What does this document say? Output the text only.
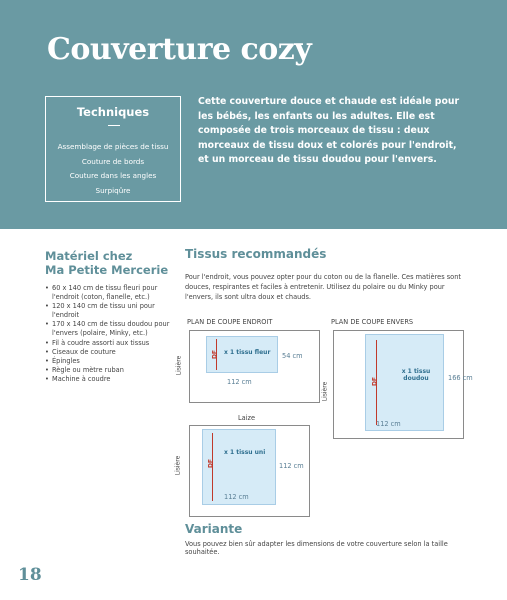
Couverture cozy
Techniques
Assemblage de pièces de tissu
Couture de bords
Couture dans les angles
Surpiqûre
Cette couverture douce et chaude est idéale pour les bébés, les enfants ou les adultes. Elle est composée de trois morceaux de tissu : deux morceaux de tissu doux et colorés pour l'endroit, et un morceau de tissu doudou pour l'envers.
Matériel chez
Ma Petite Mercerie
• 60 x 140 cm de tissu fleuri pour l'endroit (coton, flanelle, etc.)
• 120 x 140 cm de tissu uni pour l'endroit
• 170 x 140 cm de tissu doudou pour l'envers (polaire, Minky, etc.)
• Fil à coudre assorti aux tissus
• Ciseaux de couture
• Épingles
• Règle ou mètre ruban
• Machine à coudre
Tissus recommandés
Pour l'endroit, vous pouvez opter pour du coton ou de la flanelle. Ces matières sont douces, respirantes et faciles à entretenir. Utilisez du polaire ou du Minky pour l'envers, ils sont ultra doux et chauds.
PLAN DE COUPE ENDROIT
Lisière
DF x 1 tissu fleur 54 cm
112 cm
PLAN DE COUPE ENVERS
Lisière
DF
x 1 tissu
doudou	166 cm
112 cm
Laize
Lisière	DF
x 1 tissu uni
112 cm
112 cm
Variante
Vous pouvez bien sûr adapter les dimensions de votre couverture selon la taille souhaitée.
18
